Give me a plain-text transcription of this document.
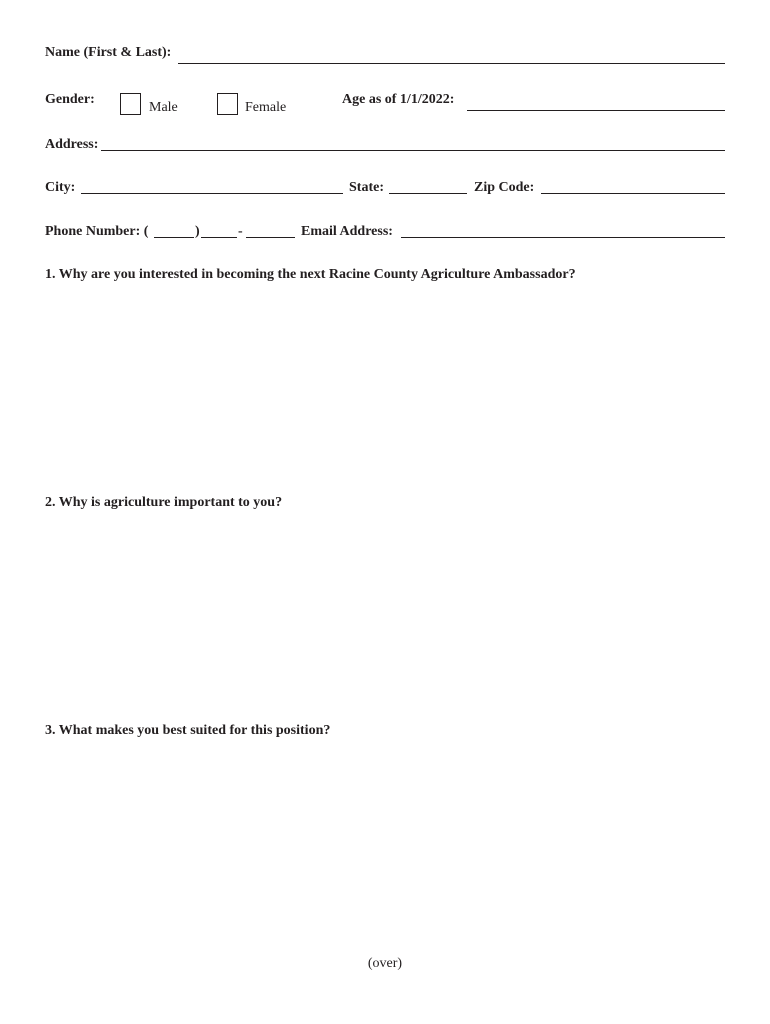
Name (First & Last):
Gender:
Male	Female
Age as of 1/1/2022:
Address:
City:	State:	Zip Code:
Phone Number: (	)	-	Email Address:
1. Why are you interested in becoming the next Racine County Agriculture Ambassador?
2. Why is agriculture important to you?
3. What makes you best suited for this position?
(over)
